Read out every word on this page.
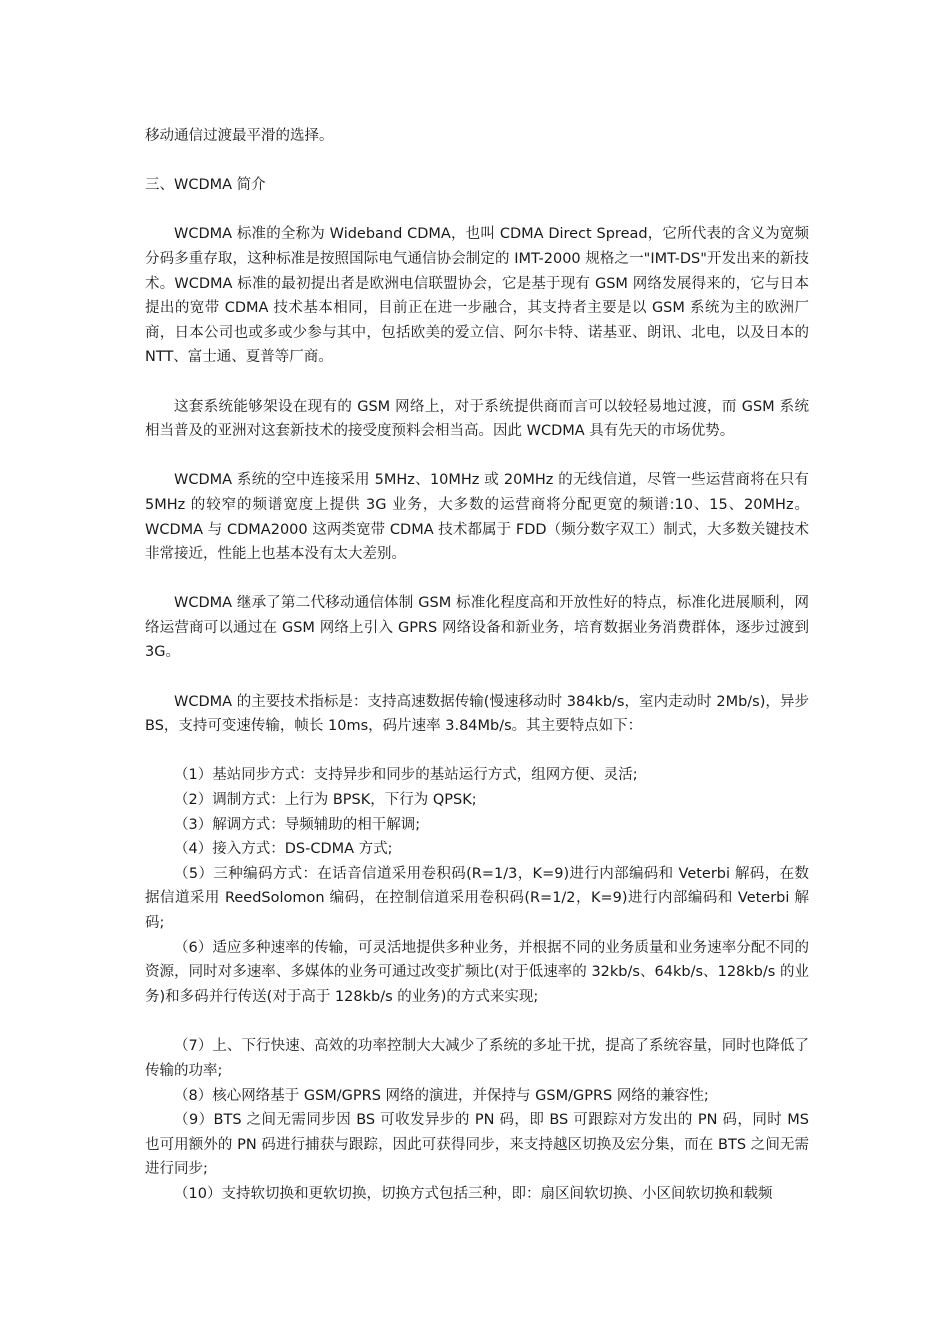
移动通信过渡最平滑的选择。

三、WCDMA 简介

WCDMA 标准的全称为 Wideband CDMA，也叫 CDMA Direct Spread，它所代表的含义为宽频分码多重存取，这种标准是按照国际电气通信协会制定的 IMT-2000 规格之一"IMT-DS"开发出来的新技术。WCDMA 标准的最初提出者是欧洲电信联盟协会，它是基于现有 GSM 网络发展得来的，它与日本提出的宽带 CDMA 技术基本相同，目前正在进一步融合，其支持者主要是以 GSM 系统为主的欧洲厂商，日本公司也或多或少参与其中，包括欧美的爱立信、阿尔卡特、诺基亚、朗讯、北电，以及日本的 NTT、富士通、夏普等厂商。

这套系统能够架设在现有的 GSM 网络上，对于系统提供商而言可以较轻易地过渡，而 GSM 系统相当普及的亚洲对这套新技术的接受度预料会相当高。因此 WCDMA 具有先天的市场优势。

WCDMA 系统的空中连接采用 5MHz、10MHz 或 20MHz 的无线信道，尽管一些运营商将在只有 5MHz 的较窄的频谱宽度上提供 3G 业务，大多数的运营商将分配更宽的频谱:10、15、20MHz。WCDMA 与 CDMA2000 这两类宽带 CDMA 技术都属于 FDD（频分数字双工）制式，大多数关键技术非常接近，性能上也基本没有太大差别。

WCDMA 继承了第二代移动通信体制 GSM 标准化程度高和开放性好的特点，标准化进展顺利，网络运营商可以通过在 GSM 网络上引入 GPRS 网络设备和新业务，培育数据业务消费群体，逐步过渡到 3G。

WCDMA 的主要技术指标是：支持高速数据传输(慢速移动时 384kb/s，室内走动时 2Mb/s)，异步 BS，支持可变速传输，帧长 10ms，码片速率 3.84Mb/s。其主要特点如下：

（1）基站同步方式：支持异步和同步的基站运行方式，组网方便、灵活;

（2）调制方式：上行为 BPSK，下行为 QPSK;

（3）解调方式：导频辅助的相干解调;

（4）接入方式：DS-CDMA 方式;

（5）三种编码方式：在话音信道采用卷积码(R=1/3，K=9)进行内部编码和 Veterbi 解码，在数据信道采用 ReedSolomon 编码，在控制信道采用卷积码(R=1/2，K=9)进行内部编码和 Veterbi 解码;

（6）适应多种速率的传输，可灵活地提供多种业务，并根据不同的业务质量和业务速率分配不同的资源，同时对多速率、多媒体的业务可通过改变扩频比(对于低速率的 32kb/s、64kb/s、128kb/s 的业务)和多码并行传送(对于高于 128kb/s 的业务)的方式来实现;

（7）上、下行快速、高效的功率控制大大减少了系统的多址干扰，提高了系统容量，同时也降低了传输的功率;

（8）核心网络基于 GSM/GPRS 网络的演进，并保持与 GSM/GPRS 网络的兼容性;

（9）BTS 之间无需同步因 BS 可收发异步的 PN 码，即 BS 可跟踪对方发出的 PN 码，同时 MS 也可用额外的 PN 码进行捕获与跟踪，因此可获得同步，来支持越区切换及宏分集，而在 BTS 之间无需进行同步;

（10）支持软切换和更软切换，切换方式包括三种，即：扇区间软切换、小区间软切换和载频
